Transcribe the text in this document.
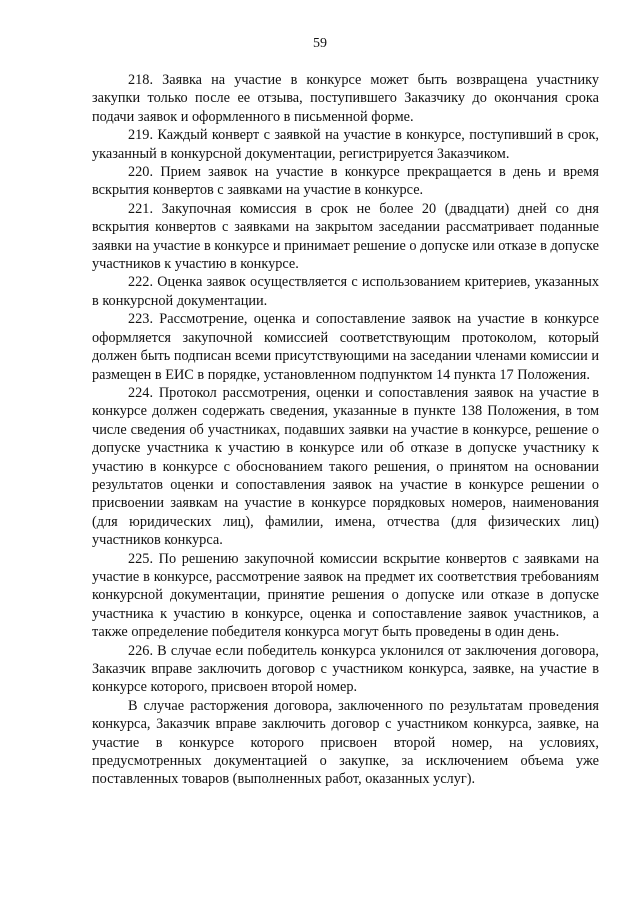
59

218. Заявка на участие в конкурсе может быть возвращена участнику закупки только после ее отзыва, поступившего Заказчику до окончания срока подачи заявок и оформленного в письменной форме.

219. Каждый конверт с заявкой на участие в конкурсе, поступивший в срок, указанный в конкурсной документации, регистрируется Заказчиком.

220. Прием заявок на участие в конкурсе прекращается в день и время вскрытия конвертов с заявками на участие в конкурсе.

221. Закупочная комиссия в срок не более 20 (двадцати) дней со дня вскрытия конвертов с заявками на закрытом заседании рассматривает поданные заявки на участие в конкурсе и принимает решение о допуске или отказе в допуске участников к участию в конкурсе.

222. Оценка заявок осуществляется с использованием критериев, указанных в конкурсной документации.

223. Рассмотрение, оценка и сопоставление заявок на участие в конкурсе оформляется закупочной комиссией соответствующим протоколом, который должен быть подписан всеми присутствующими на заседании членами комиссии и размещен в ЕИС в порядке, установленном подпунктом 14 пункта 17 Положения.

224. Протокол рассмотрения, оценки и сопоставления заявок на участие в конкурсе должен содержать сведения, указанные в пункте 138 Положения, в том числе сведения об участниках, подавших заявки на участие в конкурсе, решение о допуске участника к участию в конкурсе или об отказе в допуске участнику к участию в конкурсе с обоснованием такого решения, о принятом на основании результатов оценки и сопоставления заявок на участие в конкурсе решении о присвоении заявкам на участие в конкурсе порядковых номеров, наименования (для юридических лиц), фамилии, имена, отчества (для физических лиц) участников конкурса.

225. По решению закупочной комиссии вскрытие конвертов с заявками на участие в конкурсе, рассмотрение заявок на предмет их соответствия требованиям конкурсной документации, принятие решения о допуске или отказе в допуске участника к участию в конкурсе, оценка и сопоставление заявок участников, а также определение победителя конкурса могут быть проведены в один день.

226. В случае если победитель конкурса уклонился от заключения договора, Заказчик вправе заключить договор с участником конкурса, заявке, на участие в конкурсе которого, присвоен второй номер.

В случае расторжения договора, заключенного по результатам проведения конкурса, Заказчик вправе заключить договор с участником конкурса, заявке, на участие в конкурсе которого присвоен второй номер, на условиях, предусмотренных документацией о закупке, за исключением объема уже поставленных товаров (выполненных работ, оказанных услуг).
